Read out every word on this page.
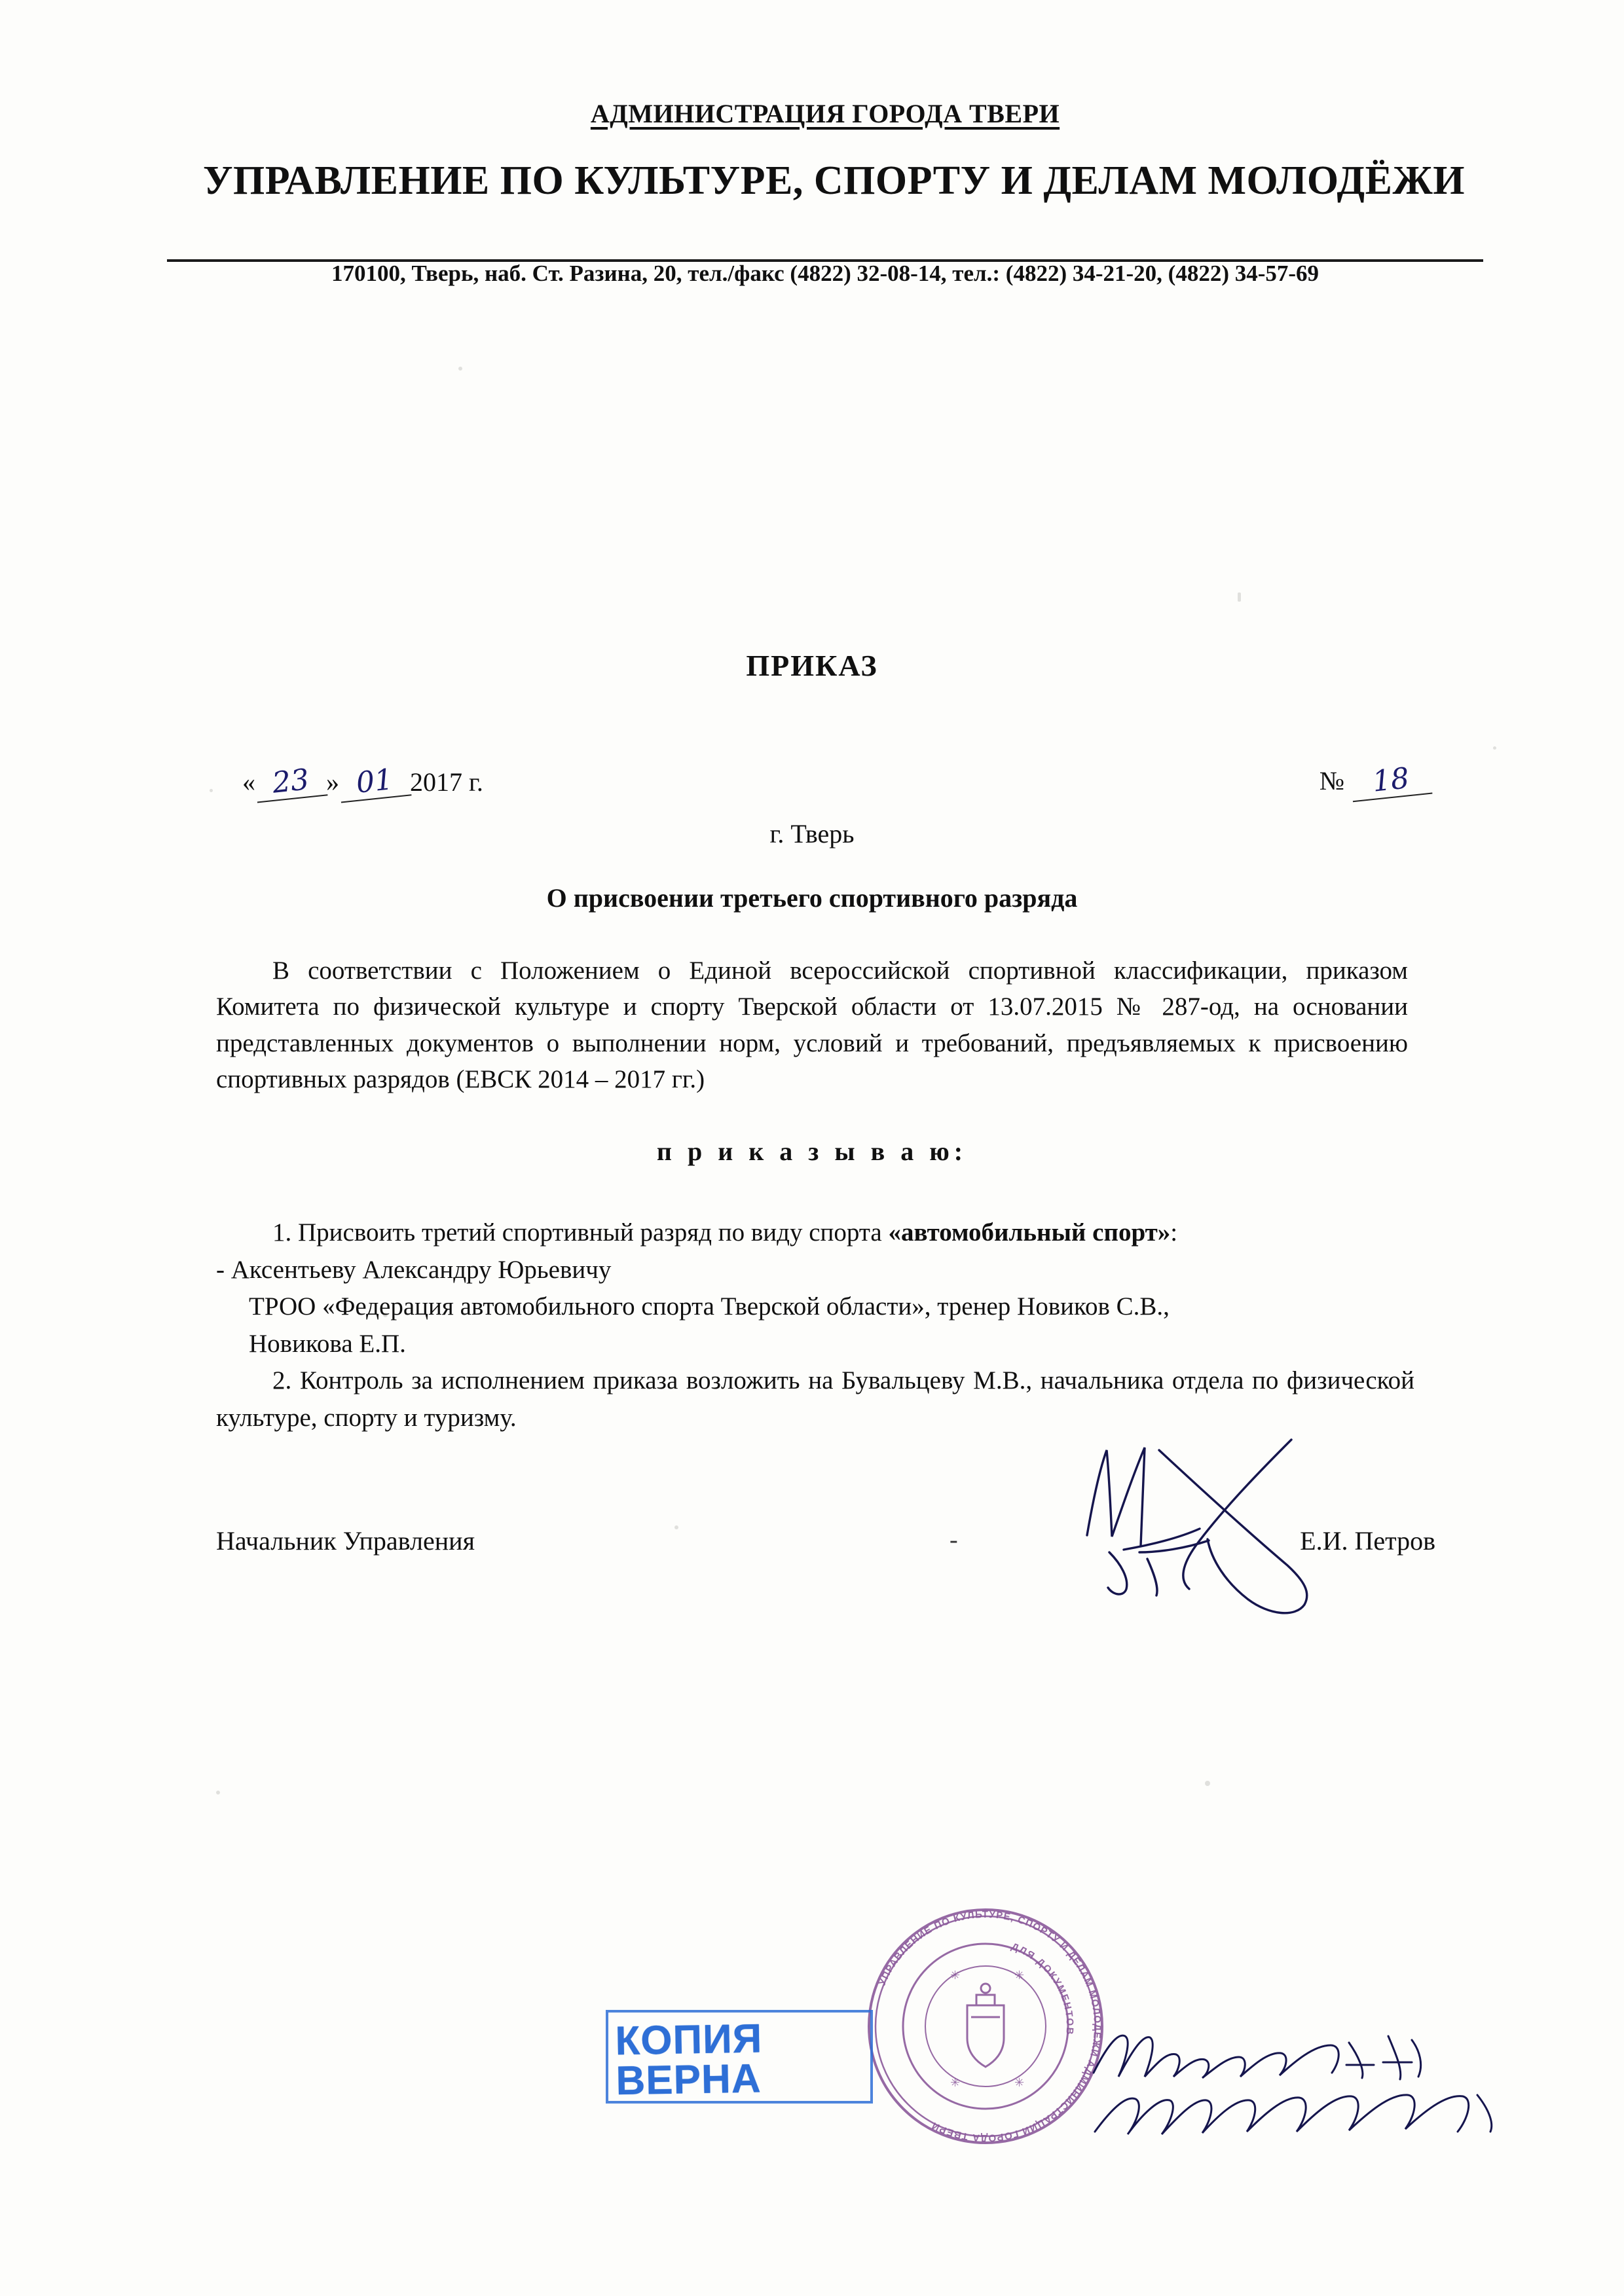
АДМИНИСТРАЦИЯ ГОРОДА ТВЕРИ
УПРАВЛЕНИЕ ПО КУЛЬТУРЕ, СПОРТУ И ДЕЛАМ МОЛОДЁЖИ
170100, Тверь, наб. Ст. Разина, 20, тел./факс (4822) 32-08-14, тел.: (4822) 34-21-20, (4822) 34-57-69
ПРИКАЗ
« 23 » 01 2017 г.	№ 18
г. Тверь
О присвоении третьего спортивного разряда

В соответствии с Положением о Единой всероссийской спортивной классификации, приказом Комитета по физической культуре и спорту Тверской области от 13.07.2015 № 287-од, на основании представленных документов о выполнении норм, условий и требований, предъявляемых к присвоению спортивных разрядов (ЕВСК 2014 – 2017 гг.)

п р и к а з ы в а ю:

1. Присвоить третий спортивный разряд по виду спорта «автомобильный спорт»:

- Аксентьеву Александру Юрьевичу

ТРОО «Федерация автомобильного спорта Тверской области», тренер Новиков С.В.,

Новикова Е.П.

2. Контроль за исполнением приказа возложить на Бувальцеву М.В., начальника отдела по физической культуре, спорту и туризму.

Начальник Управления	-	Е.И. Петров
УПРАВЛЕНИЕ ПО КУЛЬТУРЕ, СПОРТУ И ДЕЛАМ МОЛОДЁЖИ АДМИНИСТРАЦИИ ГОРОДА ТВЕРИ
ДЛЯ ДОКУМЕНТОВ
✳	✳
✳	✳
КОПИЯ
ВЕРНА
